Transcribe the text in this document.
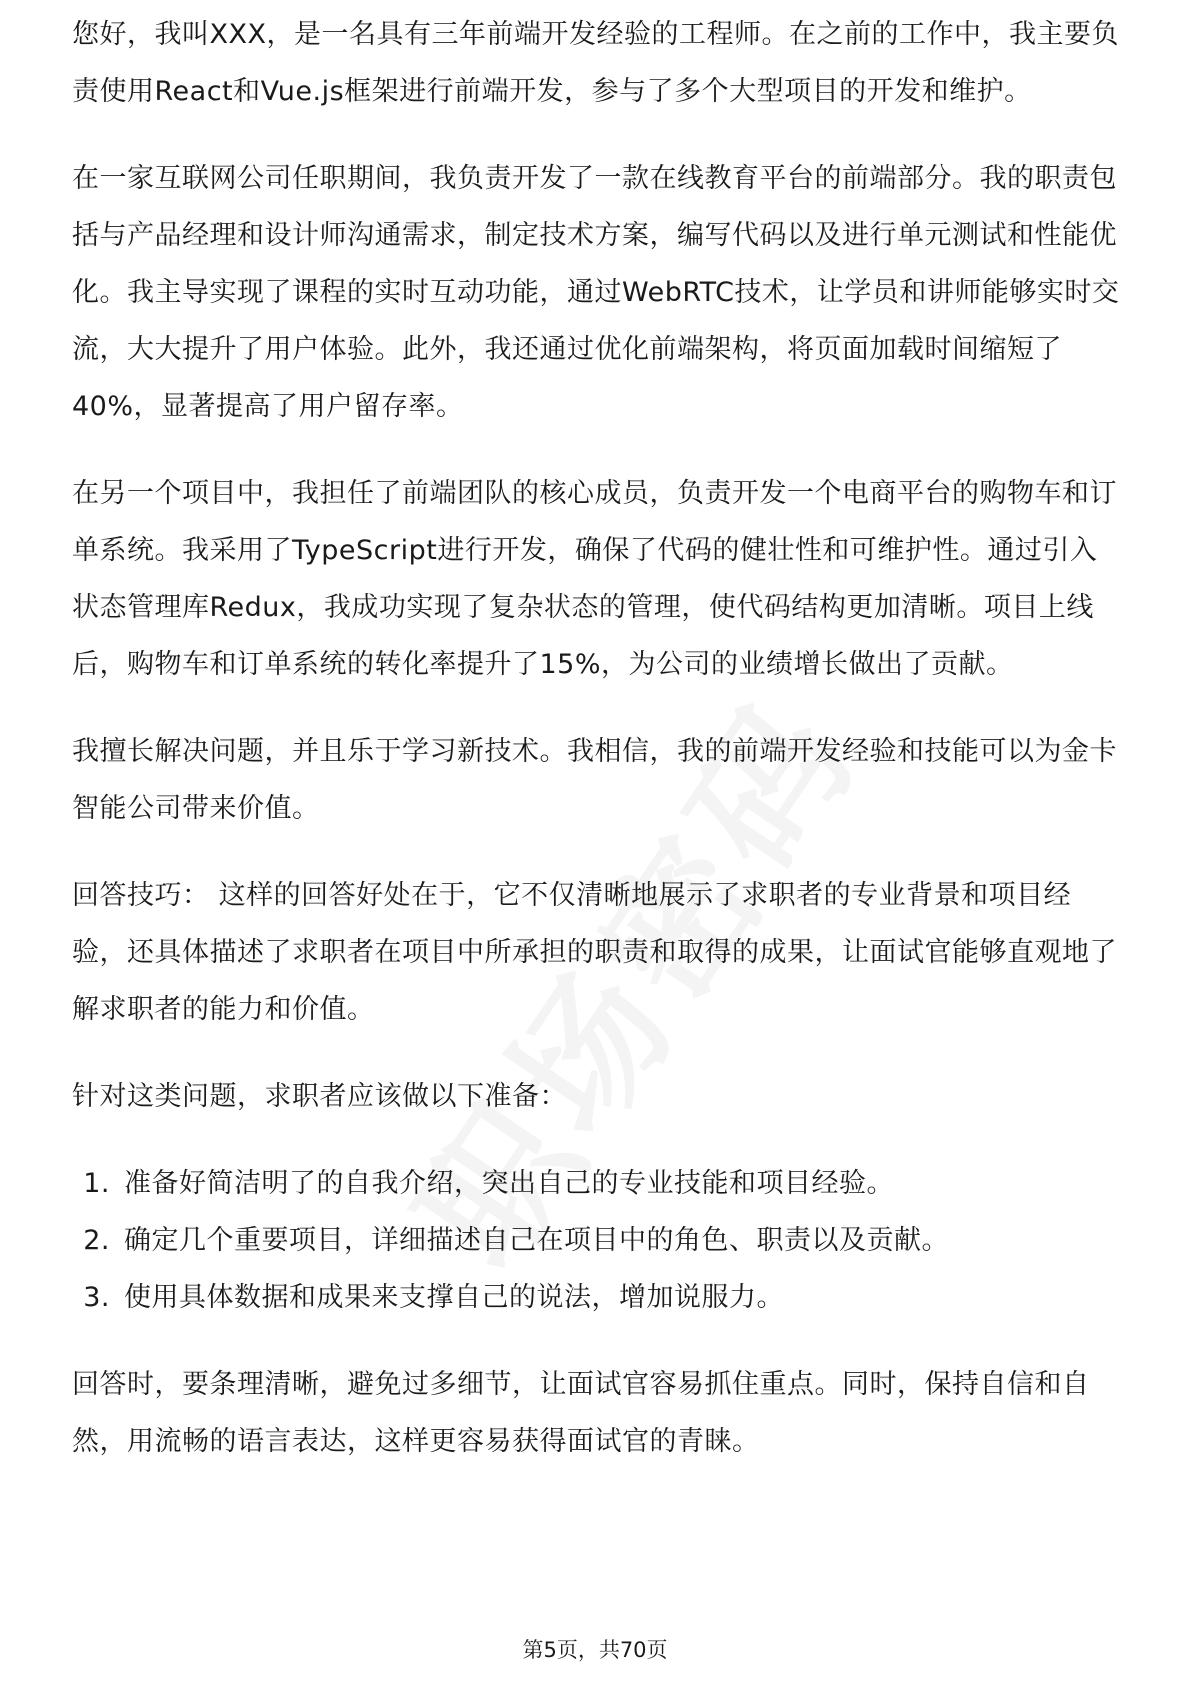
您好，我叫XXX，是一名具有三年前端开发经验的工程师。在之前的工作中，我主要负责使用React和Vue.js框架进行前端开发，参与了多个大型项目的开发和维护。

在一家互联网公司任职期间，我负责开发了一款在线教育平台的前端部分。我的职责包括与产品经理和设计师沟通需求，制定技术方案，编写代码以及进行单元测试和性能优化。我主导实现了课程的实时互动功能，通过WebRTC技术，让学员和讲师能够实时交流，大大提升了用户体验。此外，我还通过优化前端架构，将页面加载时间缩短了40%，显著提高了用户留存率。

在另一个项目中，我担任了前端团队的核心成员，负责开发一个电商平台的购物车和订单系统。我采用了TypeScript进行开发，确保了代码的健壮性和可维护性。通过引入状态管理库Redux，我成功实现了复杂状态的管理，使代码结构更加清晰。项目上线后，购物车和订单系统的转化率提升了15%，为公司的业绩增长做出了贡献。

我擅长解决问题，并且乐于学习新技术。我相信，我的前端开发经验和技能可以为金卡智能公司带来价值。

回答技巧： 这样的回答好处在于，它不仅清晰地展示了求职者的专业背景和项目经验，还具体描述了求职者在项目中所承担的职责和取得的成果，让面试官能够直观地了解求职者的能力和价值。

针对这类问题，求职者应该做以下准备：

1. 准备好简洁明了的自我介绍，突出自己的专业技能和项目经验。
2. 确定几个重要项目，详细描述自己在项目中的角色、职责以及贡献。
3. 使用具体数据和成果来支撑自己的说法，增加说服力。

回答时，要条理清晰，避免过多细节，让面试官容易抓住重点。同时，保持自信和自然，用流畅的语言表达，这样更容易获得面试官的青睐。

第5页，共70页
